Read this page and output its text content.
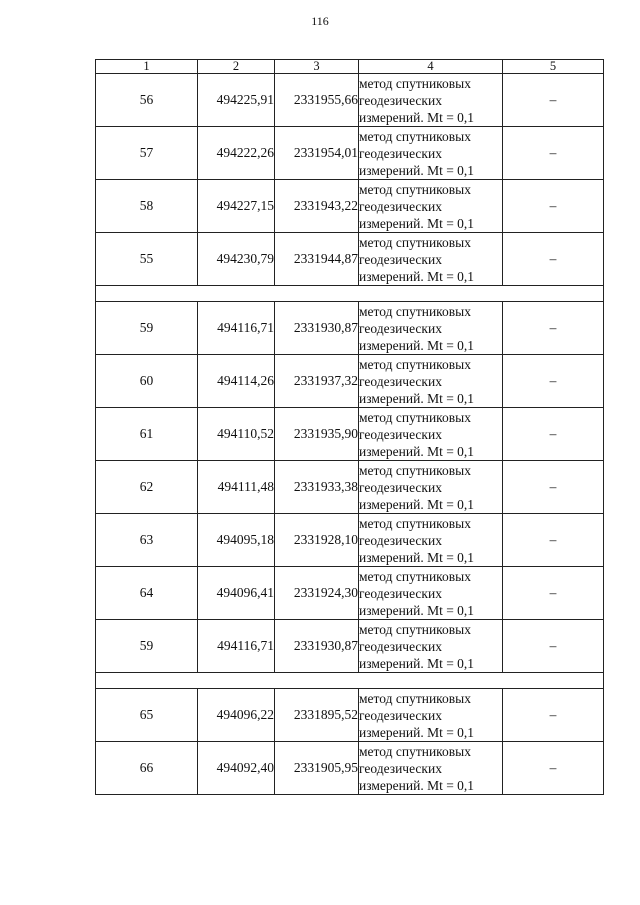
116
1	2	3	4	5
56	494225,91	2331955,66	метод спутниковых
геодезических
измерений. Mt = 0,1	–
57	494222,26	2331954,01	метод спутниковых
геодезических
измерений. Mt = 0,1	–
58	494227,15	2331943,22	метод спутниковых
геодезических
измерений. Mt = 0,1	–
55	494230,79	2331944,87	метод спутниковых
геодезических
измерений. Mt = 0,1	–

59	494116,71	2331930,87	метод спутниковых
геодезических
измерений. Mt = 0,1	–
60	494114,26	2331937,32	метод спутниковых
геодезических
измерений. Mt = 0,1	–
61	494110,52	2331935,90	метод спутниковых
геодезических
измерений. Mt = 0,1	–
62	494111,48	2331933,38	метод спутниковых
геодезических
измерений. Mt = 0,1	–
63	494095,18	2331928,10	метод спутниковых
геодезических
измерений. Mt = 0,1	–
64	494096,41	2331924,30	метод спутниковых
геодезических
измерений. Mt = 0,1	–
59	494116,71	2331930,87	метод спутниковых
геодезических
измерений. Mt = 0,1	–

65	494096,22	2331895,52	метод спутниковых
геодезических
измерений. Mt = 0,1	–
66	494092,40	2331905,95	метод спутниковых
геодезических
измерений. Mt = 0,1	–
